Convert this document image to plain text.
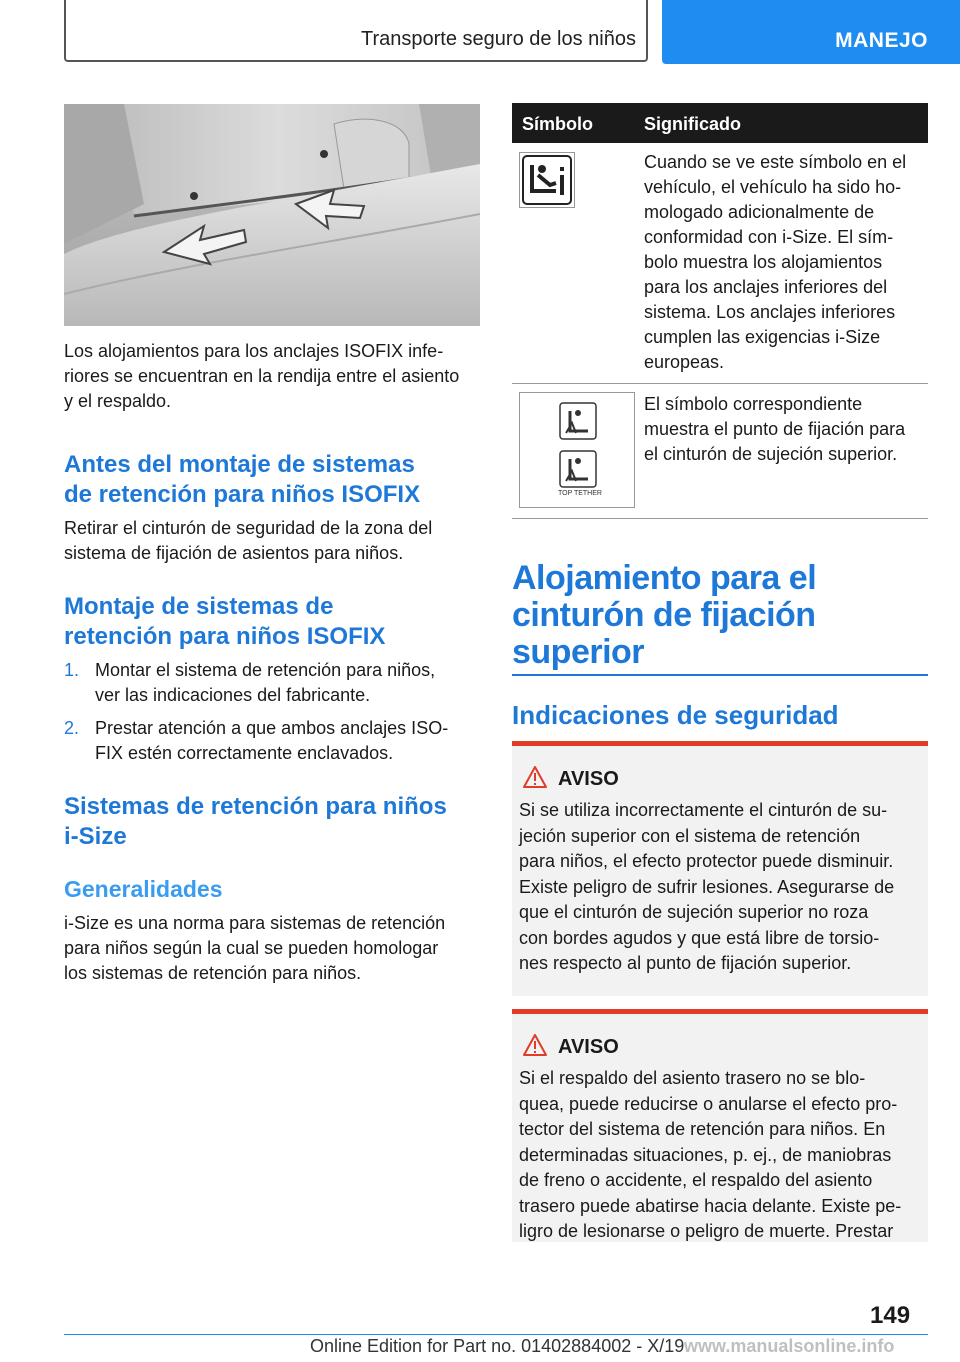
Transporte seguro de los niños	MANEJO
Los alojamientos para los anclajes ISOFIX infe-
riores se encuentran en la rendija entre el asiento
y el respaldo.
Antes del montaje de sistemas
de retención para niños ISOFIX
Retirar el cinturón de seguridad de la zona del
sistema de fijación de asientos para niños.
Montaje de sistemas de
retención para niños ISOFIX
1. Montar el sistema de retención para niños,
ver las indicaciones del fabricante.
2. Prestar atención a que ambos anclajes ISO-
FIX estén correctamente enclavados.
Sistemas de retención para niños
i-Size
Generalidades
i-Size es una norma para sistemas de retención
para niños según la cual se pueden homologar
los sistemas de retención para niños.
Símbolo	Significado
Cuando se ve este símbolo en el
vehículo, el vehículo ha sido ho-
mologado adicionalmente de
conformidad con i-Size. El sím-
bolo muestra los alojamientos
para los anclajes inferiores del
sistema. Los anclajes inferiores
cumplen las exigencias i-Size
europeas.
TOP TETHER
El símbolo correspondiente
muestra el punto de fijación para
el cinturón de sujeción superior.
Alojamiento para el
cinturón de fijación
superior
Indicaciones de seguridad
AVISO
Si se utiliza incorrectamente el cinturón de su-
jeción superior con el sistema de retención
para niños, el efecto protector puede disminuir.
Existe peligro de sufrir lesiones. Asegurarse de
que el cinturón de sujeción superior no roza
con bordes agudos y que está libre de torsio-
nes respecto al punto de fijación superior.
AVISO
Si el respaldo del asiento trasero no se blo-
quea, puede reducirse o anularse el efecto pro-
tector del sistema de retención para niños. En
determinadas situaciones, p. ej., de maniobras
de freno o accidente, el respaldo del asiento
trasero puede abatirse hacia delante. Existe pe-
ligro de lesionarse o peligro de muerte. Prestar
149
Online Edition for Part no. 01402884002 - X/19 www.manualsonline.info
